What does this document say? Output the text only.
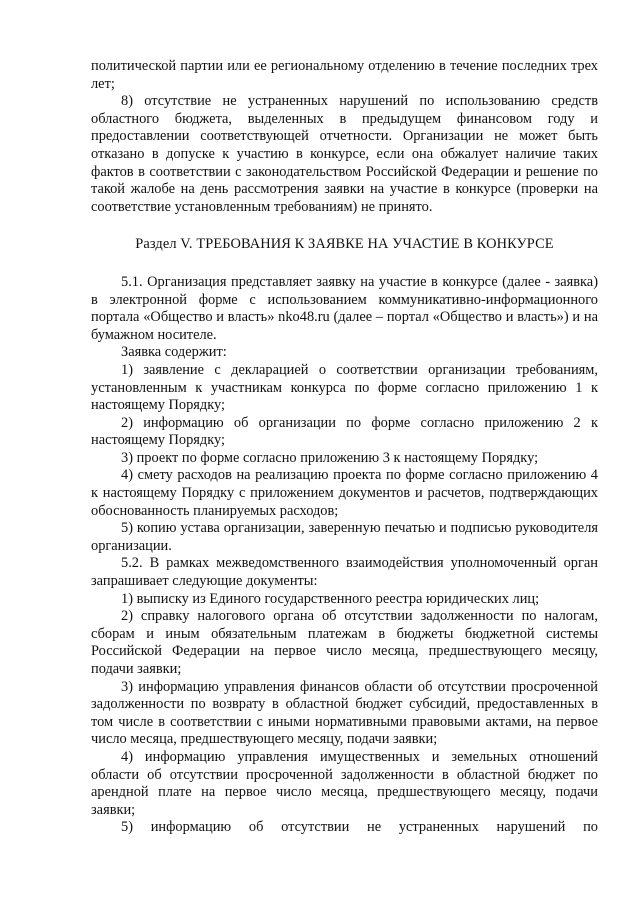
политической партии или ее региональному отделению в течение последних трех лет;

8) отсутствие не устраненных нарушений по использованию средств областного бюджета, выделенных в предыдущем финансовом году и предоставлении соответствующей отчетности. Организации не может быть отказано в допуске к участию в конкурсе, если она обжалует наличие таких фактов в соответствии с законодательством Российской Федерации и решение по такой жалобе на день рассмотрения заявки на участие в конкурсе (проверки на соответствие установленным требованиям) не принято.

Раздел V. ТРЕБОВАНИЯ К ЗАЯВКЕ НА УЧАСТИЕ В КОНКУРСЕ

5.1. Организация представляет заявку на участие в конкурсе (далее - заявка) в электронной форме с использованием коммуникативно-информационного портала «Общество и власть» nko48.ru (далее – портал «Общество и власть») и на бумажном носителе.

Заявка содержит:

1) заявление с декларацией о соответствии организации требованиям, установленным к участникам конкурса по форме согласно приложению 1 к настоящему Порядку;

2) информацию об организации по форме согласно приложению 2 к настоящему Порядку;

3) проект по форме согласно приложению 3 к настоящему Порядку;

4) смету расходов на реализацию проекта по форме согласно приложению 4 к настоящему Порядку с приложением документов и расчетов, подтверждающих обоснованность планируемых расходов;

5) копию устава организации, заверенную печатью и подписью руководителя организации.

5.2. В рамках межведомственного взаимодействия уполномоченный орган запрашивает следующие документы:

1) выписку из Единого государственного реестра юридических лиц;

2) справку налогового органа об отсутствии задолженности по налогам, сборам и иным обязательным платежам в бюджеты бюджетной системы Российской Федерации на первое число месяца, предшествующего месяцу, подачи заявки;

3) информацию управления финансов области об отсутствии просроченной задолженности по возврату в областной бюджет субсидий, предоставленных в том числе в соответствии с иными нормативными правовыми актами, на первое число месяца, предшествующего месяцу, подачи заявки;

4) информацию управления имущественных и земельных отношений области об отсутствии просроченной задолженности в областной бюджет по арендной плате на первое число месяца, предшествующего месяцу, подачи заявки;

5) информацию об отсутствии не устраненных нарушений по
